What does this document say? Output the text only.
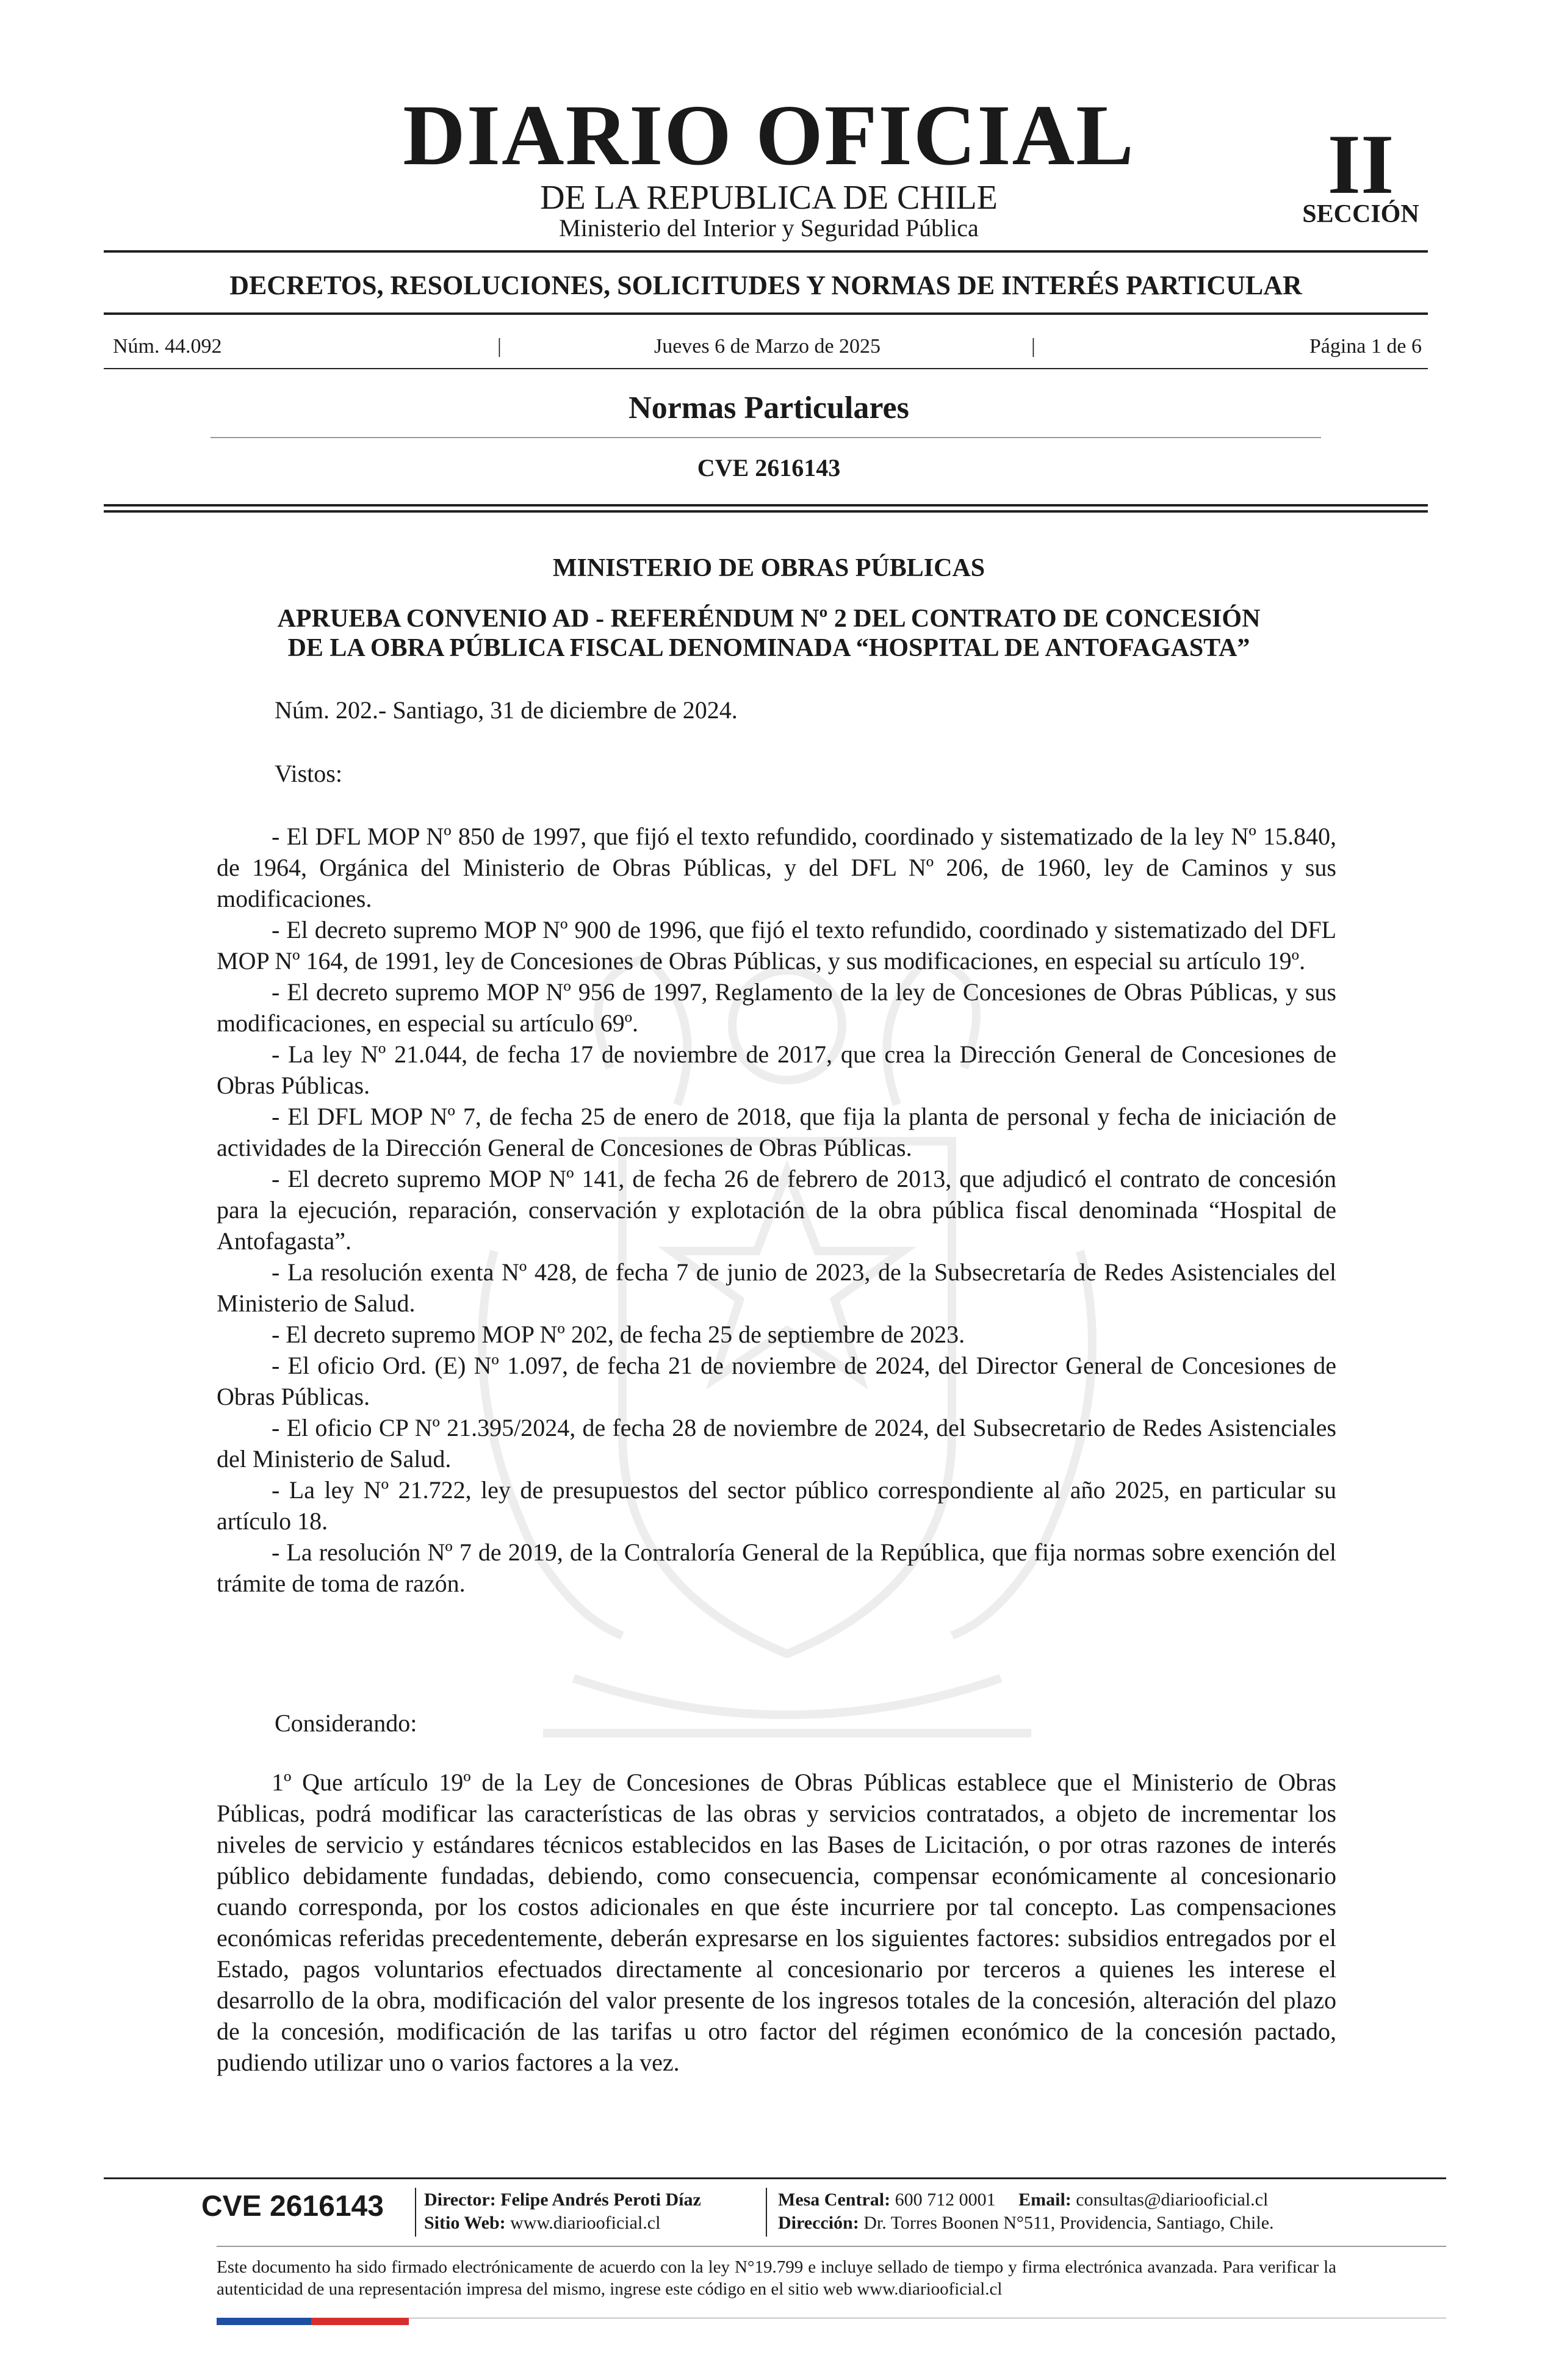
DIARIO OFICIAL
DE LA REPUBLICA DE CHILE
Ministerio del Interior y Seguridad Pública
II
SECCIÓN
DECRETOS, RESOLUCIONES, SOLICITUDES Y NORMAS DE INTERÉS PARTICULAR
Núm. 44.092	|	Jueves 6 de Marzo de 2025	|	Página 1 de 6
Normas Particulares
CVE 2616143
MINISTERIO DE OBRAS PÚBLICAS
APRUEBA CONVENIO AD - REFERÉNDUM Nº 2 DEL CONTRATO DE CONCESIÓN
DE LA OBRA PÚBLICA FISCAL DENOMINADA “HOSPITAL DE ANTOFAGASTA”
Núm. 202.- Santiago, 31 de diciembre de 2024.
Vistos:

- El DFL MOP Nº 850 de 1997, que fijó el texto refundido, coordinado y sistematizado de la ley Nº 15.840, de 1964, Orgánica del Ministerio de Obras Públicas, y del DFL Nº 206, de 1960, ley de Caminos y sus modificaciones.

- El decreto supremo MOP Nº 900 de 1996, que fijó el texto refundido, coordinado y sistematizado del DFL MOP Nº 164, de 1991, ley de Concesiones de Obras Públicas, y sus modificaciones, en especial su artículo 19º.

- El decreto supremo MOP Nº 956 de 1997, Reglamento de la ley de Concesiones de Obras Públicas, y sus modificaciones, en especial su artículo 69º.

- La ley Nº 21.044, de fecha 17 de noviembre de 2017, que crea la Dirección General de Concesiones de Obras Públicas.

- El DFL MOP Nº 7, de fecha 25 de enero de 2018, que fija la planta de personal y fecha de iniciación de actividades de la Dirección General de Concesiones de Obras Públicas.

- El decreto supremo MOP Nº 141, de fecha 26 de febrero de 2013, que adjudicó el contrato de concesión para la ejecución, reparación, conservación y explotación de la obra pública fiscal denominada “Hospital de Antofagasta”.

- La resolución exenta Nº 428, de fecha 7 de junio de 2023, de la Subsecretaría de Redes Asistenciales del Ministerio de Salud.

- El decreto supremo MOP Nº 202, de fecha 25 de septiembre de 2023.

- El oficio Ord. (E) Nº 1.097, de fecha 21 de noviembre de 2024, del Director General de Concesiones de Obras Públicas.

- El oficio CP Nº 21.395/2024, de fecha 28 de noviembre de 2024, del Subsecretario de Redes Asistenciales del Ministerio de Salud.

- La ley Nº 21.722, ley de presupuestos del sector público correspondiente al año 2025, en particular su artículo 18.

- La resolución Nº 7 de 2019, de la Contraloría General de la República, que fija normas sobre exención del trámite de toma de razón.

Considerando:

1º Que artículo 19º de la Ley de Concesiones de Obras Públicas establece que el Ministerio de Obras Públicas, podrá modificar las características de las obras y servicios contratados, a objeto de incrementar los niveles de servicio y estándares técnicos establecidos en las Bases de Licitación, o por otras razones de interés público debidamente fundadas, debiendo, como consecuencia, compensar económicamente al concesionario cuando corresponda, por los costos adicionales en que éste incurriere por tal concepto. Las compensaciones económicas referidas precedentemente, deberán expresarse en los siguientes factores: subsidios entregados por el Estado, pagos voluntarios efectuados directamente al concesionario por terceros a quienes les interese el desarrollo de la obra, modificación del valor presente de los ingresos totales de la concesión, alteración del plazo de la concesión, modificación de las tarifas u otro factor del régimen económico de la concesión pactado, pudiendo utilizar uno o varios factores a la vez.

CVE 2616143 Director: Felipe Andrés Peroti Díaz
Sitio Web: www.diariooficial.cl
Mesa Central: 600 712 0001 Email: consultas@diariooficial.cl
Dirección: Dr. Torres Boonen N°511, Providencia, Santiago, Chile.
Este documento ha sido firmado electrónicamente de acuerdo con la ley N°19.799 e incluye sellado de tiempo y firma electrónica avanzada. Para verificar la autenticidad de una representación impresa del mismo, ingrese este código en el sitio web www.diariooficial.cl
